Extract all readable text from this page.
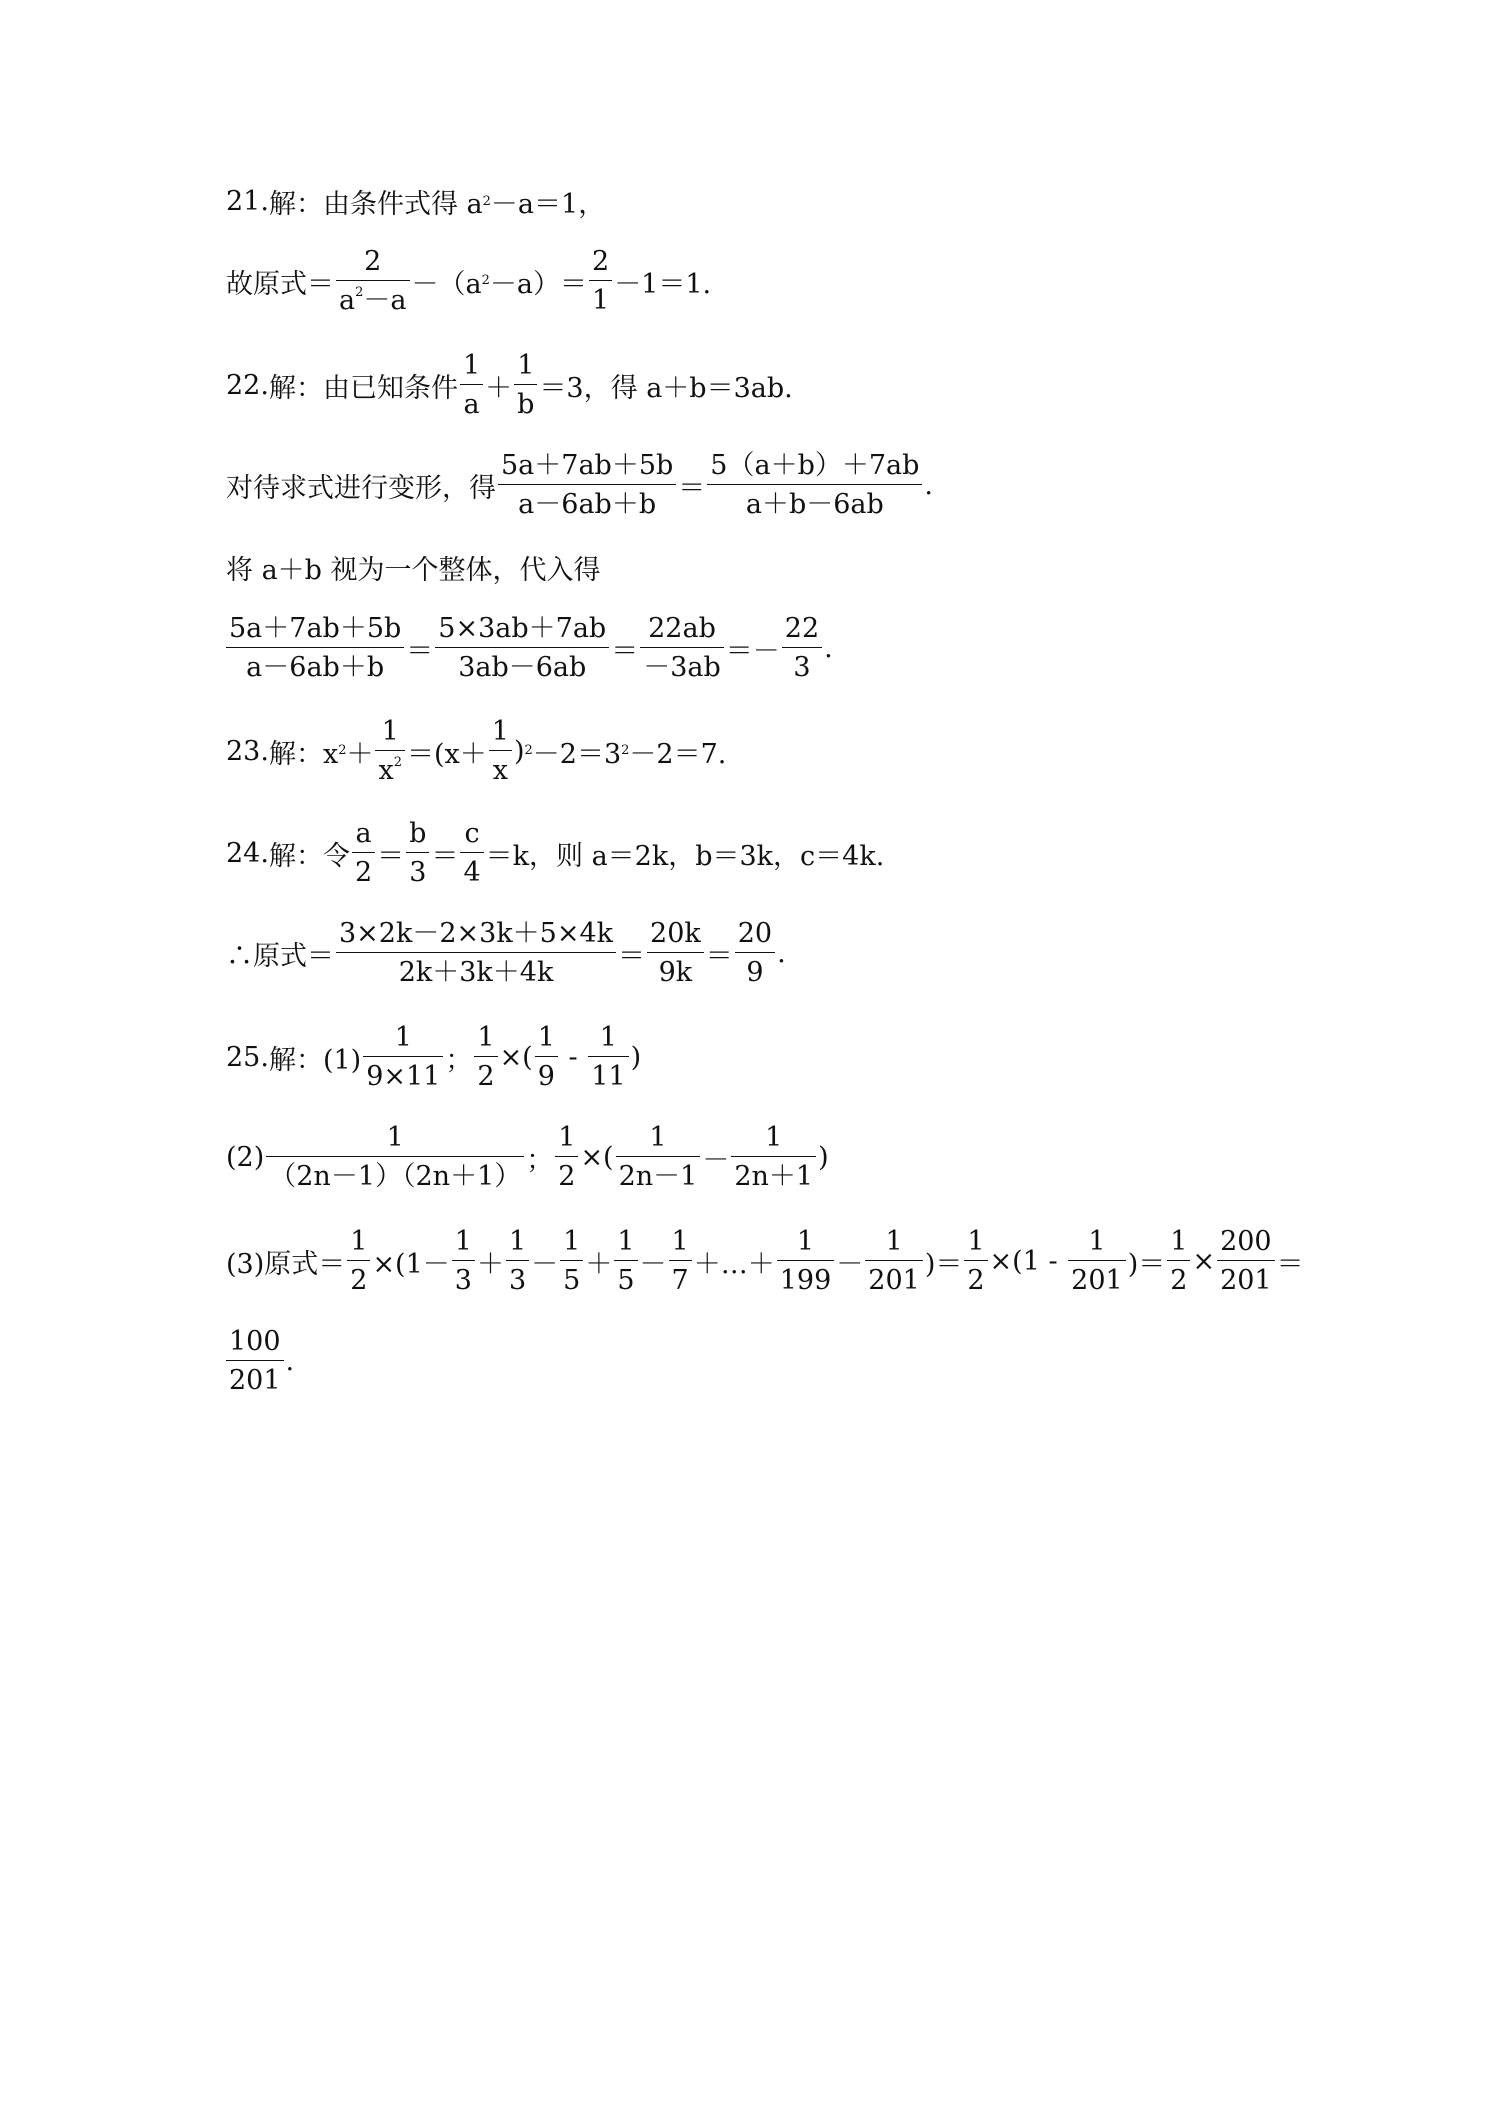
21. 解：由条件式得 a 2 －a＝1，
故原式＝ $\frac{2}{a^2-a} -(a$ $2 -a)= \frac{2}{1} -1=1$.
22. 解：由已知条件 $\frac{1}{a} + \frac{1}{b} =3$，得 a＋b＝3ab.
对待求式进行变形，得 $\frac{5a+7ab+5b}{a-6ab+b} = \frac{5(a+b)+7ab}{a+b-6ab}$ .
将 a＋b 视为一个整体，代入得
$\frac{5a+7ab+5b}{a-6ab+b} = \frac{5\times 3ab+7ab}{3ab-6ab} = \frac{22ab}{-3ab} =- \frac{22}{3}$ .
23. 解：x $2 + \frac{1}{x^2} =(x+ \frac{1}{x}$ ) 2 －2＝3 2 －2＝7.
24. 解：令 $\frac{a}{2} = \frac{b}{3} = \frac{c}{4} =k$，则 a＝2k，b＝3k，c＝4k.
∴原式＝ $\frac{3\times 2k-2\times 3k+5\times 4k}{2k+3k+4k} = \frac{20k}{9k} = \frac{20}{9}$ .
25. 解：$(1) \frac{1}{9\times 11}$ ； $\frac{1}{2}$ ×( $\frac{1}{9} - \frac{1}{11}$ )
$(2) \frac{1}{(2n-1)(2n+1)}$ ； $\frac{1}{2}$ ×( $\frac{1}{2n-1} - \frac{1}{2n+1}$ )
(3)原式＝ $\frac{1}{2} \times(1- \frac{1}{3} + \frac{1}{3} - \frac{1}{5} + \frac{1}{5} - \frac{1}{7}$ ＋…＋ $\frac{1}{199} - \frac{1}{201}$ )＝ $\frac{1}{2} \times(1 - \frac{1}{201}$ )＝ $\frac{1}{2} \times \frac{200}{201}$ ＝
$\frac{100}{201}$ .
